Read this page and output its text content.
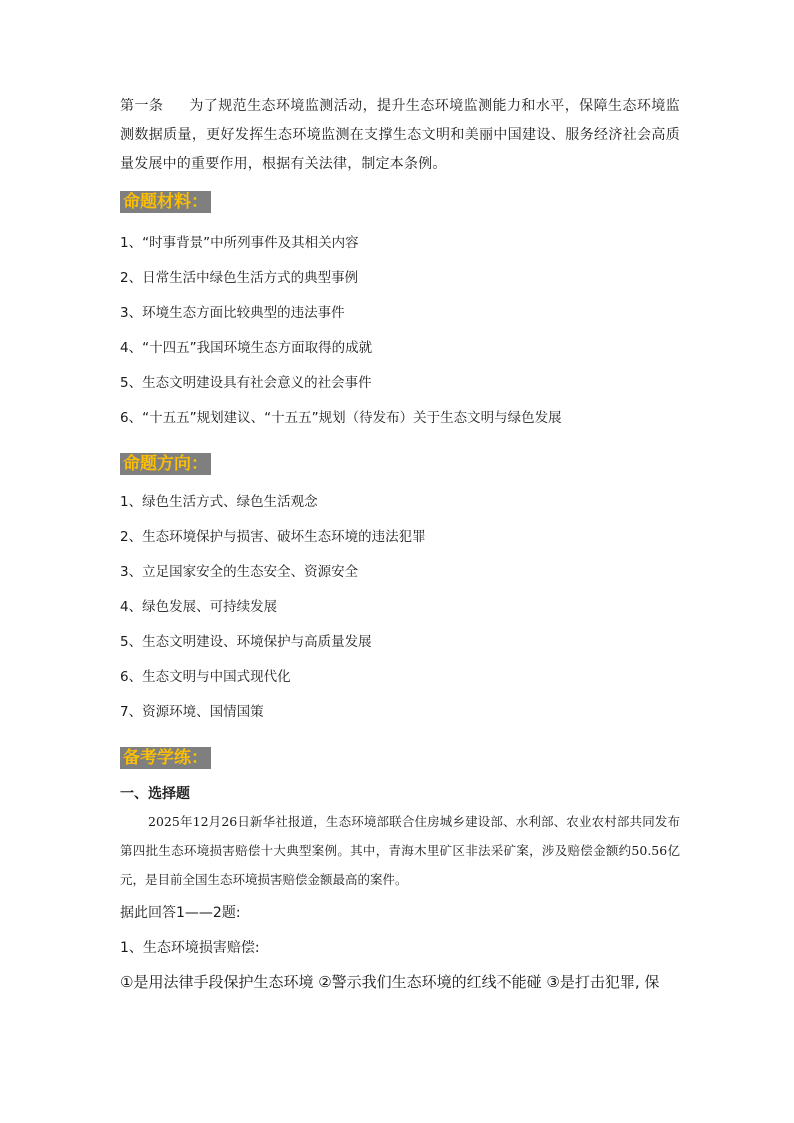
第一条 为了规范生态环境监测活动，提升生态环境监测能力和水平，保障生态环境监测数据质量，更好发挥生态环境监测在支撑生态文明和美丽中国建设、服务经济社会高质量发展中的重要作用，根据有关法律，制定本条例。

命题材料：
1、“时事背景”中所列事件及其相关内容
2、日常生活中绿色生活方式的典型事例
3、环境生态方面比较典型的违法事件
4、“十四五”我国环境生态方面取得的成就
5、生态文明建设具有社会意义的社会事件
6、“十五五”规划建议、“十五五”规划（待发布）关于生态文明与绿色发展
命题方向：
1、绿色生活方式、绿色生活观念
2、生态环境保护与损害、破坏生态环境的违法犯罪
3、立足国家安全的生态安全、资源安全
4、绿色发展、可持续发展
5、生态文明建设、环境保护与高质量发展
6、生态文明与中国式现代化
7、资源环境、国情国策
备考学练：

一、选择题

2025年12月26日新华社报道，生态环境部联合住房城乡建设部、水利部、农业农村部共同发布第四批生态环境损害赔偿十大典型案例。其中，青海木里矿区非法采矿案，涉及赔偿金额约50.56亿元，是目前全国生态环境损害赔偿金额最高的案件。

据此回答1——2题:

1、生态环境损害赔偿:

①是用法律手段保护生态环境 ②警示我们生态环境的红线不能碰 ③是打击犯罪, 保
